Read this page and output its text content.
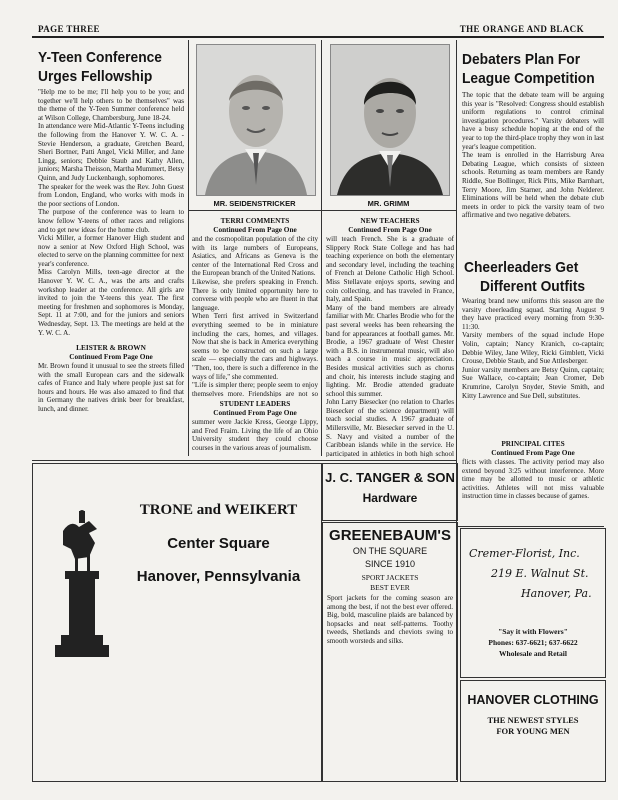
PAGE THREE	THE ORANGE AND BLACK
Y-Teen Conference
Urges Fellowship
"Help me to be me; I'll help you to be you; and together we'll help others to be themselves" was the theme of the Y-Teen Summer conference held at Wilson College, Chambersburg, June 18-24.
In attendance were Mid-Atlantic Y-Teens including the following from the Hanover Y. W. C. A. - Stevie Henderson, a graduate, Gretchen Beard, Sheri Bortner, Patti Angel, Vicki Miller, and Jane Lingg, seniors; Debbie Staub and Kathy Allen, juniors; Marsha Theisson, Martha Mummert, Betsy Quinn, and Judy Luckenbaugh, sophomores.
The speaker for the week was the Rev. John Guest from London, England, who works with mods in the poor sections of London.
The purpose of the conference was to learn to know fellow Y-teens of other races and religions and to get new ideas for the home club.
Vicki Miller, a former Hanover High student and now a senior at New Oxford High School, was elected to serve on the planning committee for next year's conference.
Miss Carolyn Mills, teen-age director at the Hanover Y. W. C. A., was the arts and crafts workshop leader at the conference. All girls are invited to join the Y-teens this year. The first meeting for freshmen and sophomores is Monday, Sept. 11 at 7:00, and for the juniors and seniors Wednesday, Sept. 13. The meetings are held at the Y. W. C. A.
LEISTER & BROWN
Continued From Page One
Mr. Brown found it unusual to see the streets filled with the small European cars and the sidewalk cafes of France and Italy where people just sat for hours and hours. He was also amazed to find that in Germany the natives drink beer for breakfast, lunch, and dinner.
MR. SEIDENSTRICKER	MR. GRIMM
TERRI COMMENTS
Continued From Page One
and the cosmopolitan population of the city with its large numbers of Europeans, Asiatics, and Africans as Geneva is the center of the International Red Cross and the European branch of the United Nations.
Likewise, she prefers speaking in French. There is only limited opportunity here to converse with people who are fluent in that language.
When Terri first arrived in Switzerland everything seemed to be in miniature including the cars, homes, and villages. Now that she is back in America everything seems to be constructed on such a large scale — especially the cars and highways. "Then, too, there is such a difference in the ways of life," she commented.
"Life is simpler there; people seem to enjoy themselves more. Friendships are not so
STUDENT LEADERS
Continued From Page One
summer were Jackie Kress, George Lippy, and Fred Fraim. Living the life of an Ohio University student they could choose courses in the various areas of journalism.
NEW TEACHERS
Continued From Page One
will teach French. She is a graduate of Slippery Rock State College and has had teaching experience on both the elementary and secondary level, including the teaching of French at Delone Catholic High School. Miss Stellavate enjoys sports, sewing and coin collecting, and has traveled in France, Italy, and Spain.
Many of the band members are already familiar with Mr. Charles Brodie who for the past several weeks has been rehearsing the band for appearances at football games. Mr. Brodie, a 1967 graduate of West Chester with a B.S. in instrumental music, will also teach a course in music appreciation. Besides musical activities such as chorus and choir, his interests include staging and lighting. Mr. Brodie attended graduate school this summer.
John Larry Biesecker (no relation to Charles Biesecker of the science department) will teach social studies. A 1967 graduate of Millersville, Mr. Biesecker served in the U. S. Navy and visited a number of the Caribbean islands while in the service. He participated in athletics in both high school
Debaters Plan For
League Competition
The topic that the debate team will be arguing this year is "Resolved: Congress should establish uniform regulations to control criminal investigation procedures." Varsity debaters will have a busy schedule hoping at the end of the year to top the third-place trophy they won in last year's league competition.
The team is enrolled in the Harrisburg Area Debating League, which consists of sixteen schools. Returning as team members are Randy Riddle, Sue Bollinger, Rick Pitts, Mike Barnhart, Terry Moore, Jim Starner, and John Nelderer. Eliminations will be held when the debate club meets in order to pick the varsity team of two affirmative and two negative debaters.
Cheerleaders Get
Different Outfits
Wearing brand new uniforms this season are the varsity cheerleading squad. Starting August 9 they have practiced every morning from 9:30-11:30.
Varsity members of the squad include Hope Volin, captain; Nancy Kranich, co-captain; Debbie Wiley, Jane Wiley, Ricki Gimblett, Vicki Crouse, Debbie Staub, and Sue Attlesberger.
Junior varsity members are Betsy Quinn, captain; Sue Wallace, co-captain; Jean Cromer, Deb Krumrine, Carolyn Snyder, Stevie Smith, and Kitty Lawrence and Sue Dell, substitutes.
PRINCIPAL CITES
Continued From Page One
flicts with classes. The activity period may also extend beyond 3:25 without interference. More time may be allotted to music or athletic activities. Athletes will not miss valuable instruction time in classes because of games.
TRONE and WEIKERT
Center Square
Hanover, Pennsylvania
J. C. TANGER & SON
Hardware
GREENEBAUM'S
ON THE SQUARE
SINCE 1910
SPORT JACKETS
BEST EVER
Sport jackets for the coming season are among the best, if not the best ever offered. Big, bold, masculine plaids are balanced by hopsacks and neat self-patterns. Toothy tweeds, Shetlands and cheviots swing to smooth worsteds and silks.
Cremer-Florist, Inc.
219 E. Walnut St.
Hanover, Pa.
"Say it with Flowers"
Phones: 637-6621; 637-6622
Wholesale and Retail
HANOVER CLOTHING
THE NEWEST STYLES
FOR YOUNG MEN
